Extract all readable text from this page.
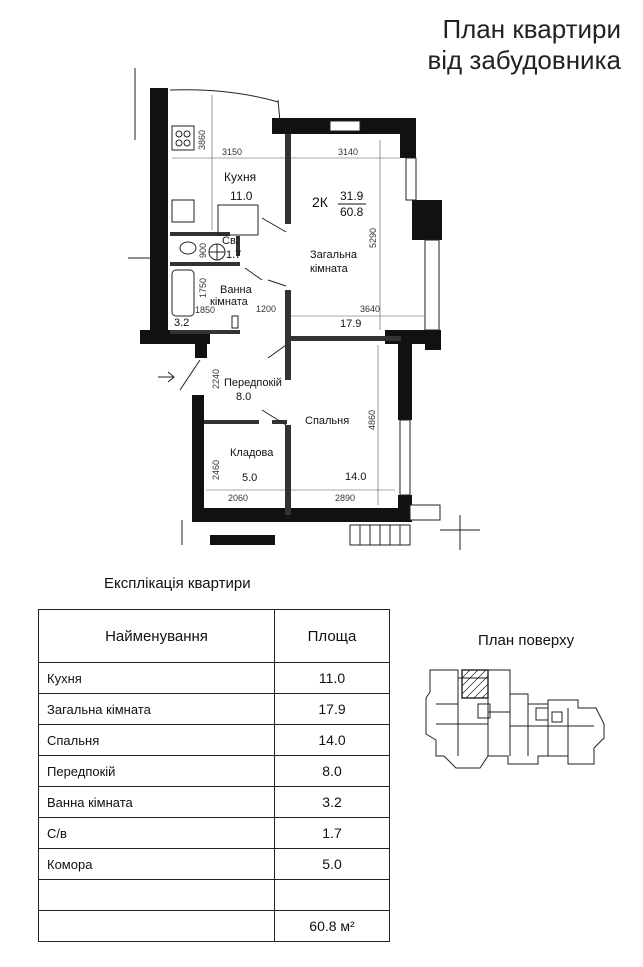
План квартири
від забудовника
Кухня
11.0	2К 31.9
60.8
Загальна
кімната
17.9
Св.
1.7
Ванна
кімната
3.2
Передпокій
8.0
Спальня
14.0
Кладова
5.0
3150	3140
3640
1200
1850
2060	2890
3860
5290
900
1750
2240
4860
2460
Експлікація квартири
Найменування	Площа
Кухня	11.0
Загальна кімната	17.9
Спальня	14.0
Передпокій	8.0
Ванна кімната	3.2
С/в	1.7
Комора	5.0

	60.8 м²
План поверху
